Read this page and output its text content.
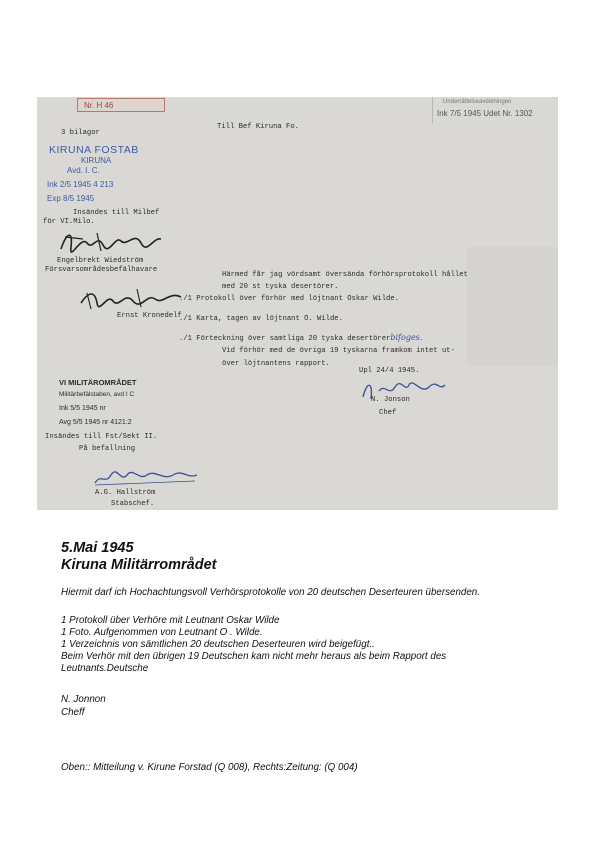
Nr. H 46	Underrättelseavdelningen
Ink 7/5 1945 Udet Nr. 1302
3 bilagor
Till Bef Kiruna Fo.
KIRUNA FOSTAB
KIRUNA
Avd. I. C.
Ink 2/5 1945 4 213
Exp 8/5 1945
Insändes till Milbef
för VI.Milo.
Engelbrekt Wiedström
Försvarsområdesbefälhavare
Ernst Kronedelf
Härmed får jag vördsamt översända förhörsprotokoll hållet
med 20 st tyska desertörer.
./1 Protokoll över förhör med löjtnant Oskar Wilde.
./1 Karta, tagen av löjtnant O. Wilde.
./1 Förteckning över samtliga 20 tyska desertörerbifoges.
Vid förhör med de övriga 19 tyskarna framkom intet ut-
över löjtnantens rapport.
Upl 24/4 1945.
N. Jonson
Chef
VI MILITÄROMRÅDET
Militärbefälstaben, avd I C
Ink 5/5 1945 nr
Avg 5/5 1945 nr 4121:2
Insändes till Fst/Sekt II.
På befallning
A.G. Hallström
Stabschef.
5.Mai 1945
Kiruna Militärrområdet
Hiermit darf ich Hochachtungsvoll Verhörsprotokolle von 20 deutschen Deserteuren übersenden.
1 Protokoll über Verhöre mit Leutnant Oskar Wilde
1 Foto. Aufgenommen von Leutnant O . Wilde.
1 Verzeichnis von sämtlichen 20 deutschen Deserteuren wird beigefügt..
Beim Verhör mit den übrigen 19 Deutschen kam nicht mehr heraus als beim Rapport des
Leutnants.Deutsche
N. Jonnon
Cheff
Oben:: Mitteilung v. Kirune Forstad (Q 008), Rechts:Zeitung: (Q 004)
